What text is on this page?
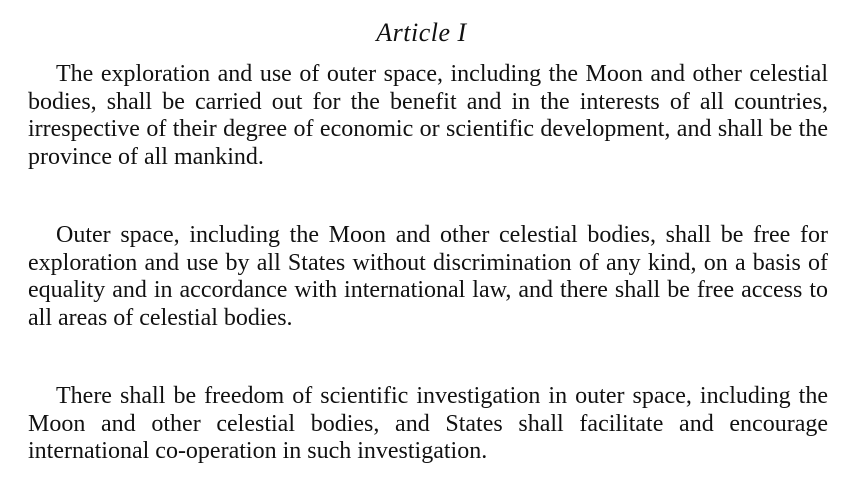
Article I

The exploration and use of outer space, including the Moon and other celestial bodies, shall be carried out for the benefit and in the interests of all countries, irrespective of their degree of economic or scientific development, and shall be the province of all mankind.

Outer space, including the Moon and other celestial bodies, shall be free for exploration and use by all States without discrimination of any kind, on a basis of equality and in accordance with international law, and there shall be free access to all areas of celestial bodies.

There shall be freedom of scientific investigation in outer space, including the Moon and other celestial bodies, and States shall facilitate and encourage international co-operation in such investigation.
